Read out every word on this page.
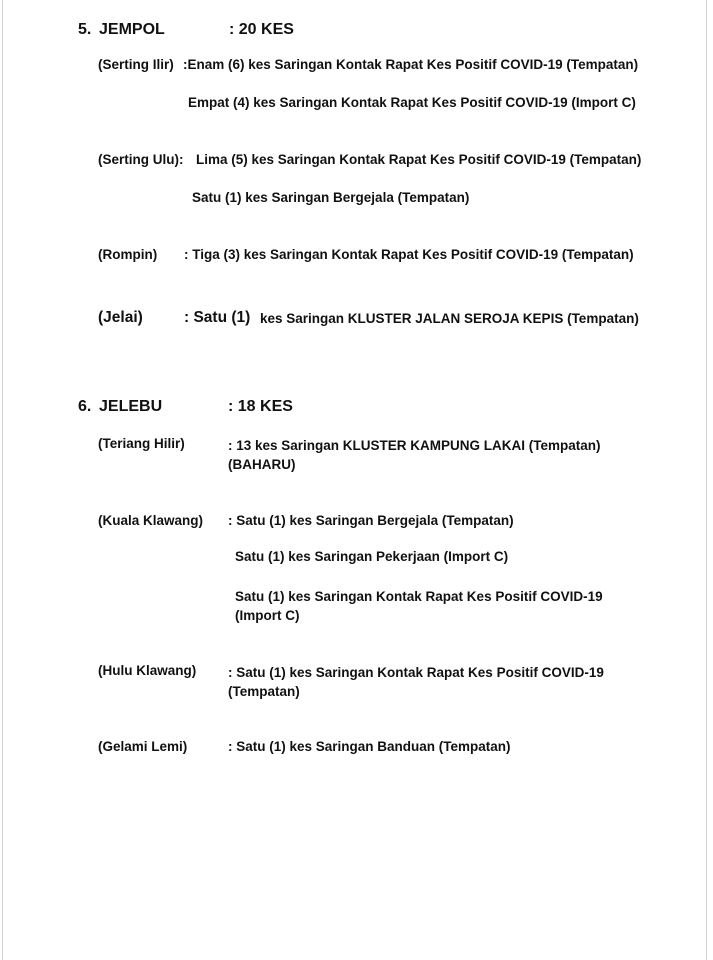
5. JEMPOL	: 20 KES
(Serting Ilir) :Enam (6) kes Saringan Kontak Rapat Kes Positif COVID-19 (Tempatan)
Empat (4) kes Saringan Kontak Rapat Kes Positif COVID-19 (Import C)
(Serting Ulu): Lima (5) kes Saringan Kontak Rapat Kes Positif COVID-19 (Tempatan)
Satu (1) kes Saringan Bergejala (Tempatan)
(Rompin) : Tiga (3) kes Saringan Kontak Rapat Kes Positif COVID-19 (Tempatan)
(Jelai)	: Satu (1) kes Saringan KLUSTER JALAN SEROJA KEPIS (Tempatan)
6. JELEBU	: 18 KES
(Teriang Hilir)	: 13 kes Saringan KLUSTER KAMPUNG LAKAI (Tempatan) (BAHARU)
(Kuala Klawang) : Satu (1) kes Saringan Bergejala (Tempatan)
Satu (1) kes Saringan Pekerjaan (Import C)
Satu (1) kes Saringan Kontak Rapat Kes Positif COVID-19 (Import C)
(Hulu Klawang) : Satu (1) kes Saringan Kontak Rapat Kes Positif COVID-19 (Tempatan)
(Gelami Lemi)	: Satu (1) kes Saringan Banduan (Tempatan)
